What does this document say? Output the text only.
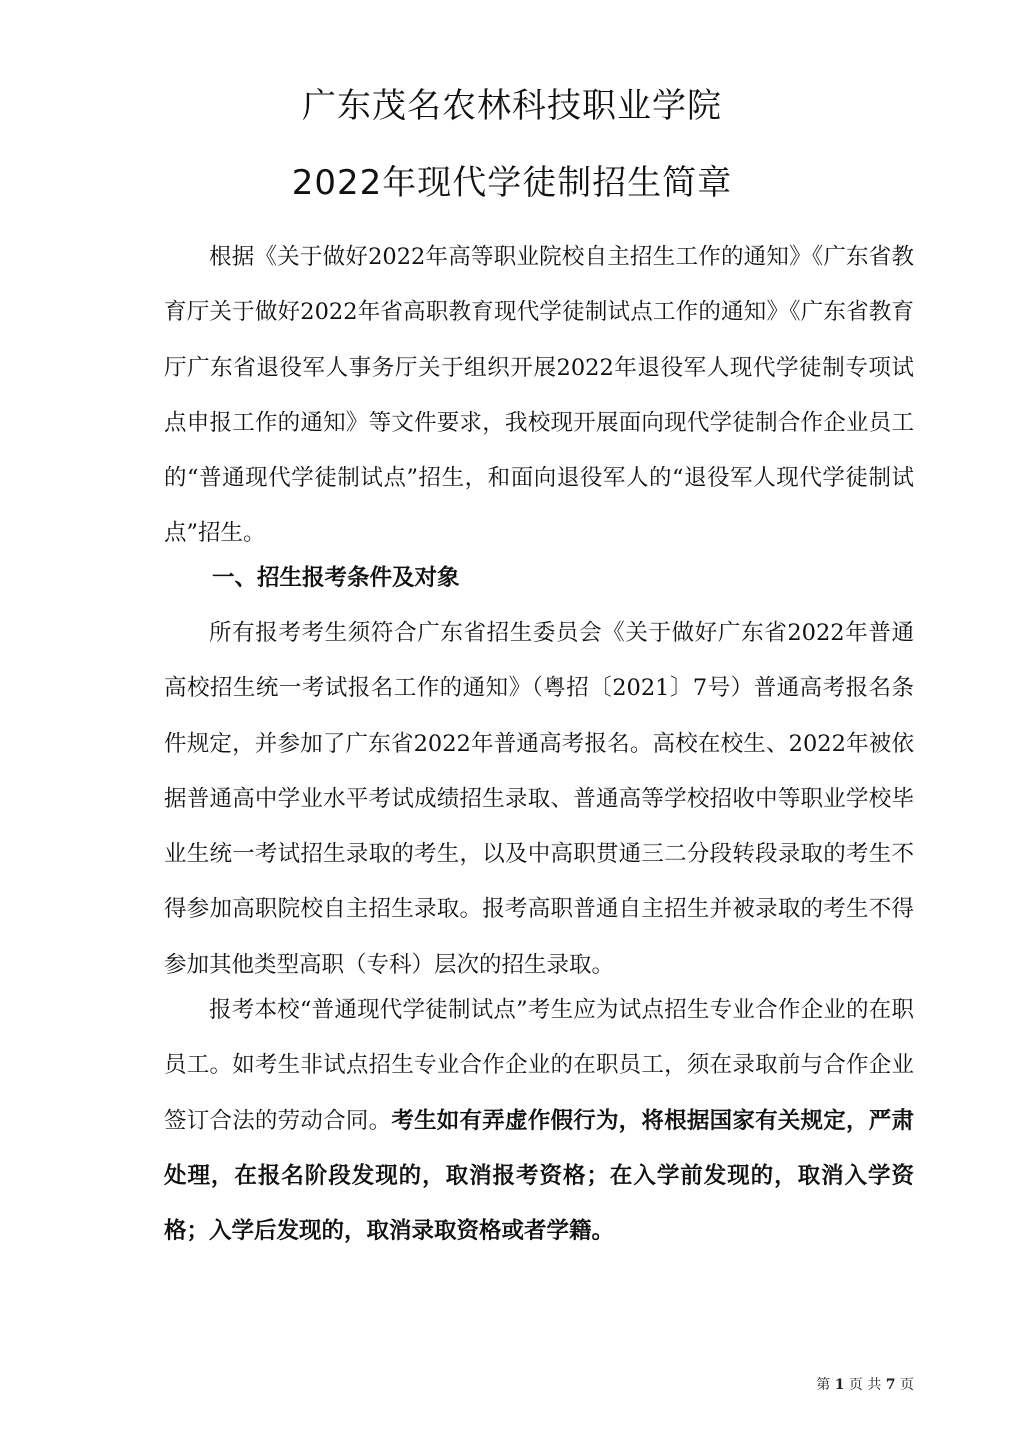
广东茂名农林科技职业学院
2022年现代学徒制招生简章

根据《关于做好2022年高等职业院校自主招生工作的通知》《广东省教育厅关于做好2022年省高职教育现代学徒制试点工作的通知》《广东省教育厅广东省退役军人事务厅关于组织开展2022年退役军人现代学徒制专项试点申报工作的通知》等文件要求，我校现开展面向现代学徒制合作企业员工的“普通现代学徒制试点”招生，和面向退役军人的“退役军人现代学徒制试点”招生。

一、招生报考条件及对象

所有报考考生须符合广东省招生委员会《关于做好广东省2022年普通高校招生统一考试报名工作的通知》（粤招〔2021〕7号）普通高考报名条件规定，并参加了广东省2022年普通高考报名。高校在校生、2022年被依据普通高中学业水平考试成绩招生录取、普通高等学校招收中等职业学校毕业生统一考试招生录取的考生，以及中高职贯通三二分段转段录取的考生不得参加高职院校自主招生录取。报考高职普通自主招生并被录取的考生不得参加其他类型高职（专科）层次的招生录取。

报考本校“普通现代学徒制试点”考生应为试点招生专业合作企业的在职员工。如考生非试点招生专业合作企业的在职员工，须在录取前与合作企业签订合法的劳动合同。考生如有弄虚作假行为，将根据国家有关规定，严肃处理，在报名阶段发现的，取消报考资格；在入学前发现的，取消入学资格；入学后发现的，取消录取资格或者学籍。

第 1 页 共 7 页
